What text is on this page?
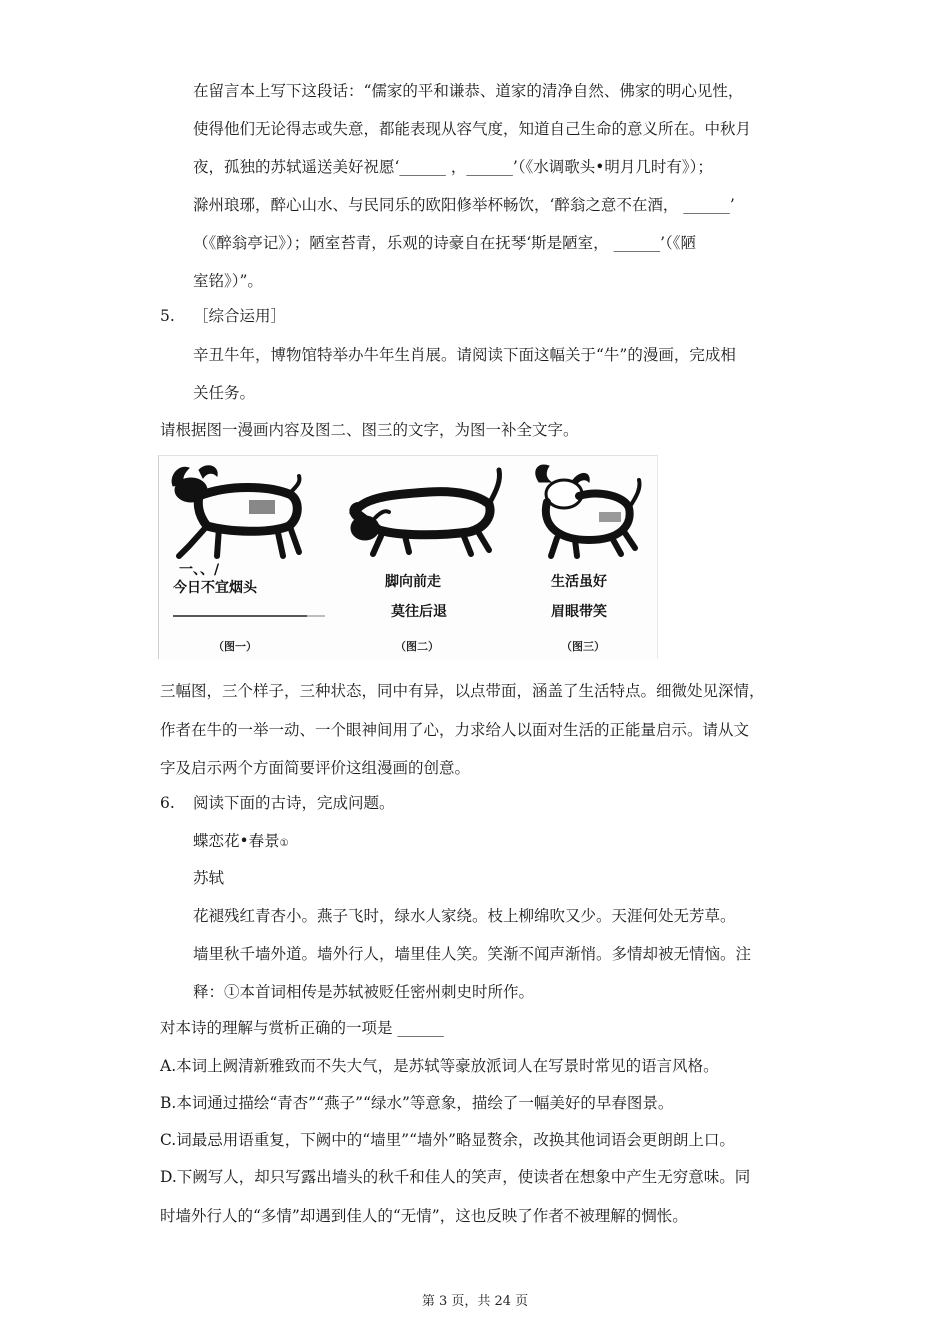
在留言本上写下这段话：“儒家的平和谦恭、道家的清净自然、佛家的明心见性，
使得他们无论得志或失意，都能表现从容气度，知道自己生命的意义所在。中秋月
夜，孤独的苏轼遥送美好祝愿‘______ ，______’（《水调歌头•明月几时有》）；
滁州琅琊，醉心山水、与民同乐的欧阳修举杯畅饮，‘醉翁之意不在酒， ______’
（《醉翁亭记》）；陋室苔青，乐观的诗豪自在抚琴‘斯是陋室， ______’（《陋
室铭》）”。
5. ［综合运用］
辛丑牛年，博物馆特举办牛年生肖展。请阅读下面这幅关于“牛”的漫画，完成相
关任务。
请根据图一漫画内容及图二、图三的文字，为图一补全文字。
一、、/
今日不宜烟头	脚向前走
莫往后退
生活虽好
眉眼带笑
（图一）	（图二）	（图三）
三幅图，三个样子，三种状态，同中有异，以点带面，涵盖了生活特点。细微处见深情，
作者在牛的一举一动、一个眼神间用了心，力求给人以面对生活的正能量启示。请从文
字及启示两个方面简要评价这组漫画的创意。
6. 阅读下面的古诗，完成问题。
蝶恋花•春景①
苏轼
花褪残红青杏小。燕子飞时，绿水人家绕。枝上柳绵吹又少。天涯何处无芳草。
墙里秋千墙外道。墙外行人，墙里佳人笑。笑渐不闻声渐悄。多情却被无情恼。注
释：①本首词相传是苏轼被贬任密州刺史时所作。
对本诗的理解与赏析正确的一项是 ______
A.本词上阙清新雅致而不失大气，是苏轼等豪放派词人在写景时常见的语言风格。
B.本词通过描绘“青杏”“燕子”“绿水”等意象，描绘了一幅美好的早春图景。
C.词最忌用语重复，下阙中的“墙里”“墙外”略显赘余，改换其他词语会更朗朗上口。
D.下阙写人，却只写露出墙头的秋千和佳人的笑声，使读者在想象中产生无穷意味。同
时墙外行人的“多情”却遇到佳人的“无情”，这也反映了作者不被理解的惆怅。
第 3 页，共 24 页
